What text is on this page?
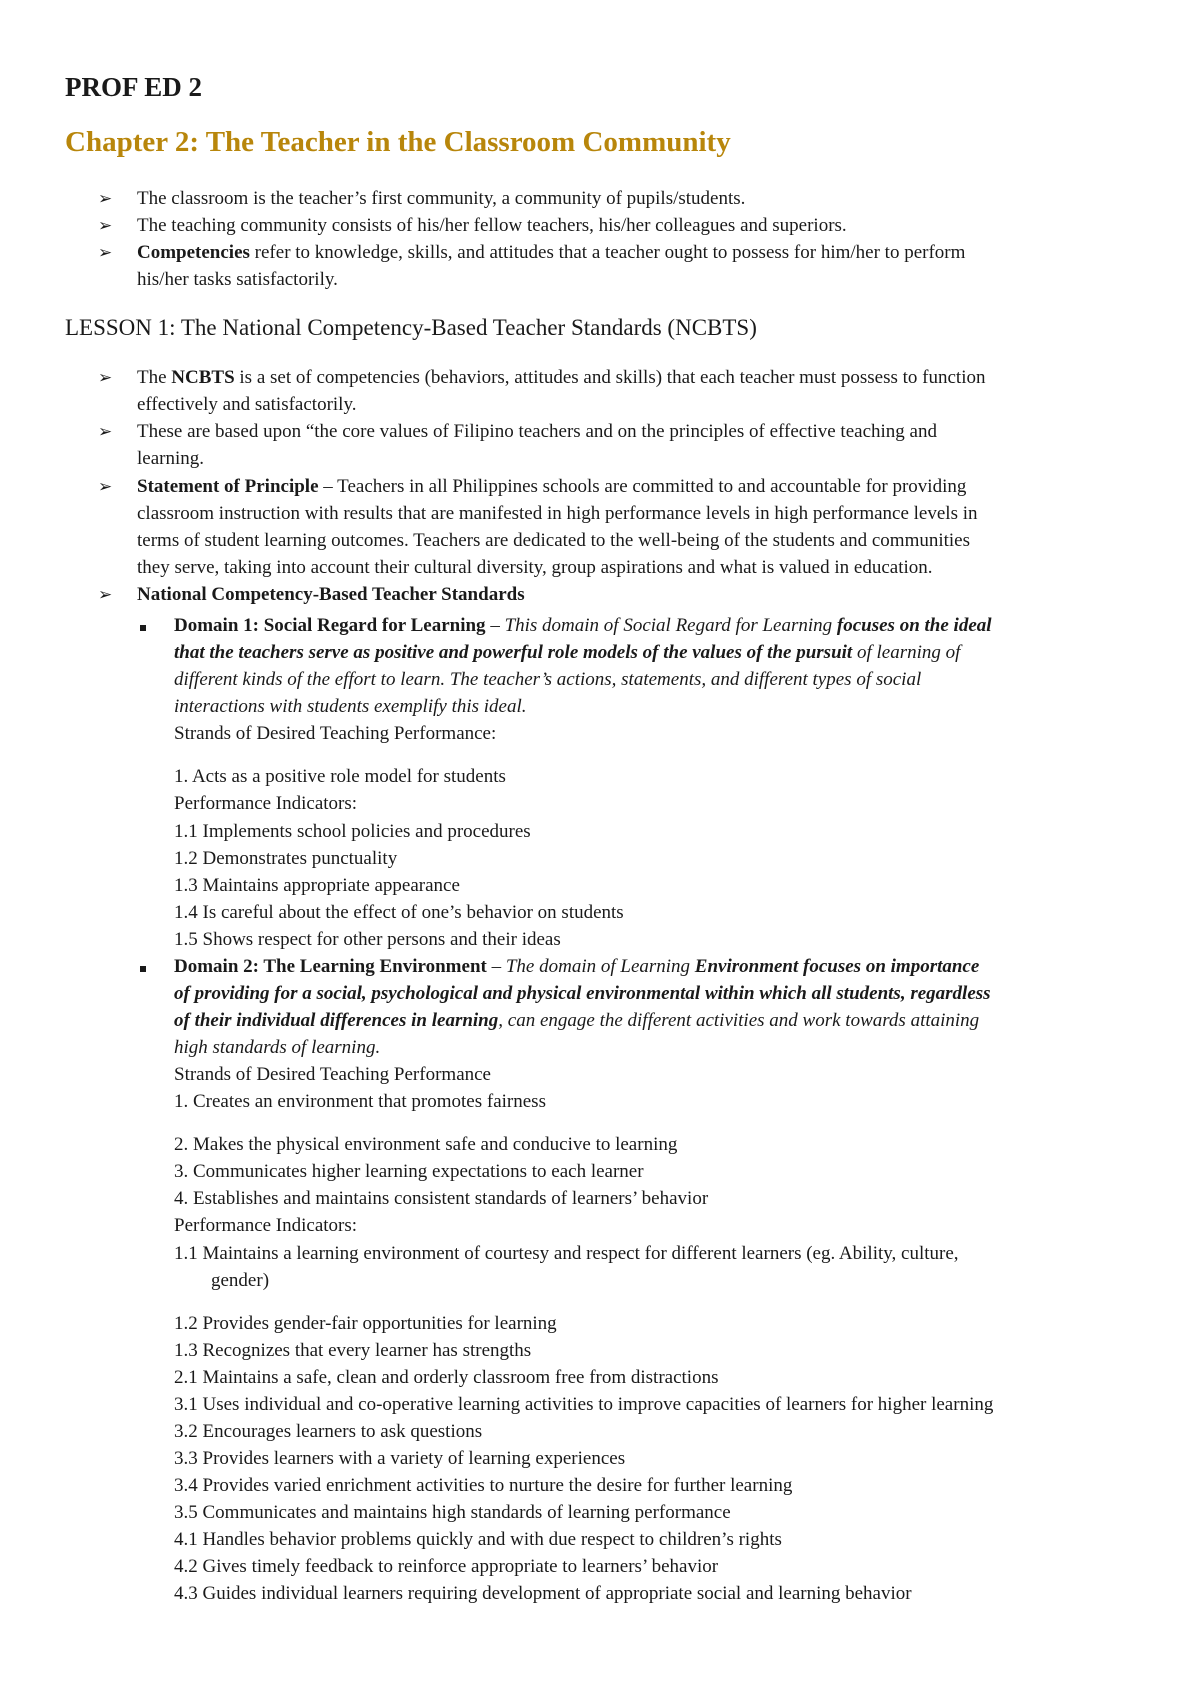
PROF ED 2
Chapter 2: The Teacher in the Classroom Community
➢ The classroom is the teacher’s first community, a community of pupils/students.
➢ The teaching community consists of his/her fellow teachers, his/her colleagues and superiors.
➢ Competencies refer to knowledge, skills, and attitudes that a teacher ought to possess for him/her to perform
his/her tasks satisfactorily.
LESSON 1: The National Competency-Based Teacher Standards (NCBTS)
➢ The NCBTS is a set of competencies (behaviors, attitudes and skills) that each teacher must possess to function
effectively and satisfactorily.
➢ These are based upon “the core values of Filipino teachers and on the principles of effective teaching and
learning.
➢ Statement of Principle – Teachers in all Philippines schools are committed to and accountable for providing
classroom instruction with results that are manifested in high performance levels in high performance levels in
terms of student learning outcomes. Teachers are dedicated to the well-being of the students and communities
they serve, taking into account their cultural diversity, group aspirations and what is valued in education.
➢ National Competency-Based Teacher Standards
Domain 1: Social Regard for Learning – This domain of Social Regard for Learning focuses on the ideal
that the teachers serve as positive and powerful role models of the values of the pursuit of learning of
different kinds of the effort to learn. The teacher’s actions, statements, and different types of social
interactions with students exemplify this ideal.
Strands of Desired Teaching Performance:
1. Acts as a positive role model for students
Performance Indicators:
1.1 Implements school policies and procedures
1.2 Demonstrates punctuality
1.3 Maintains appropriate appearance
1.4 Is careful about the effect of one’s behavior on students
1.5 Shows respect for other persons and their ideas
Domain 2: The Learning Environment – The domain of Learning Environment focuses on importance
of providing for a social, psychological and physical environmental within which all students, regardless
of their individual differences in learning, can engage the different activities and work towards attaining
high standards of learning.
Strands of Desired Teaching Performance
1. Creates an environment that promotes fairness
2. Makes the physical environment safe and conducive to learning
3. Communicates higher learning expectations to each learner
4. Establishes and maintains consistent standards of learners’ behavior
Performance Indicators:
1.1 Maintains a learning environment of courtesy and respect for different learners (eg. Ability, culture,
gender)
1.2 Provides gender-fair opportunities for learning
1.3 Recognizes that every learner has strengths
2.1 Maintains a safe, clean and orderly classroom free from distractions
3.1 Uses individual and co-operative learning activities to improve capacities of learners for higher learning
3.2 Encourages learners to ask questions
3.3 Provides learners with a variety of learning experiences
3.4 Provides varied enrichment activities to nurture the desire for further learning
3.5 Communicates and maintains high standards of learning performance
4.1 Handles behavior problems quickly and with due respect to children’s rights
4.2 Gives timely feedback to reinforce appropriate to learners’ behavior
4.3 Guides individual learners requiring development of appropriate social and learning behavior
